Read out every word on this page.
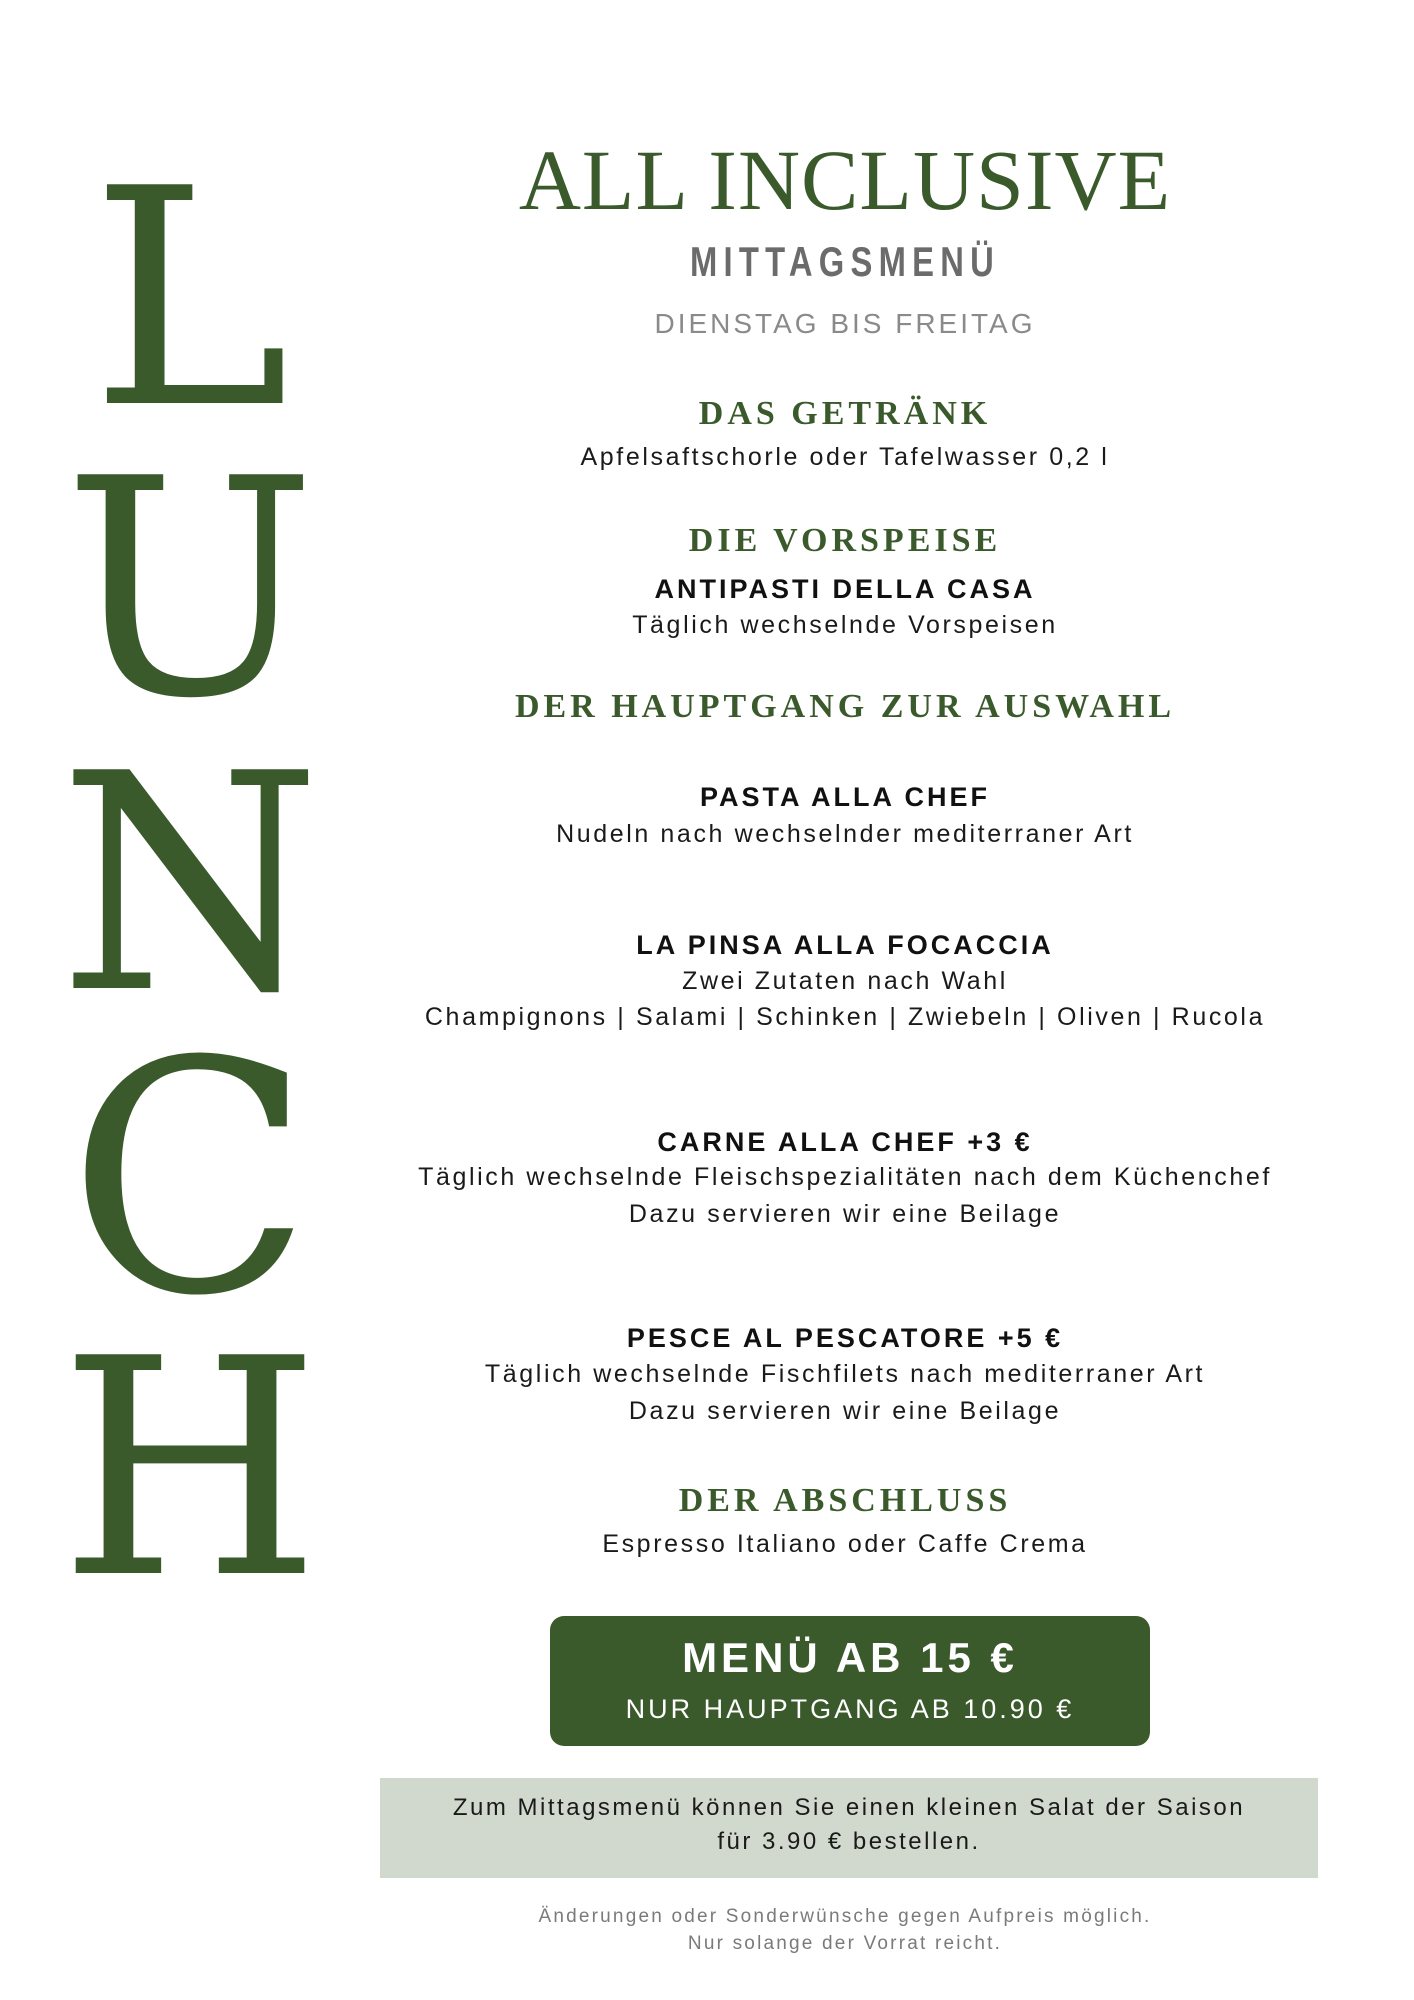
L
U
N
C
H
ALL INCLUSIVE
MITTAGSMENÜ
DIENSTAG BIS FREITAG
DAS GETRÄNK
Apfelsaftschorle oder Tafelwasser 0,2 l
DIE VORSPEISE
ANTIPASTI DELLA CASA
Täglich wechselnde Vorspeisen
DER HAUPTGANG ZUR AUSWAHL
PASTA ALLA CHEF
Nudeln nach wechselnder mediterraner Art
LA PINSA ALLA FOCACCIA
Zwei Zutaten nach Wahl
Champignons | Salami | Schinken | Zwiebeln | Oliven | Rucola
CARNE ALLA CHEF +3 €
Täglich wechselnde Fleischspezialitäten nach dem Küchenchef
Dazu servieren wir eine Beilage
PESCE AL PESCATORE +5 €
Täglich wechselnde Fischfilets nach mediterraner Art
Dazu servieren wir eine Beilage
DER ABSCHLUSS
Espresso Italiano oder Caffe Crema
MENÜ AB 15 €
NUR HAUPTGANG AB 10.90 €
Zum Mittagsmenü können Sie einen kleinen Salat der Saison
für 3.90 € bestellen.
Änderungen oder Sonderwünsche gegen Aufpreis möglich.
Nur solange der Vorrat reicht.
